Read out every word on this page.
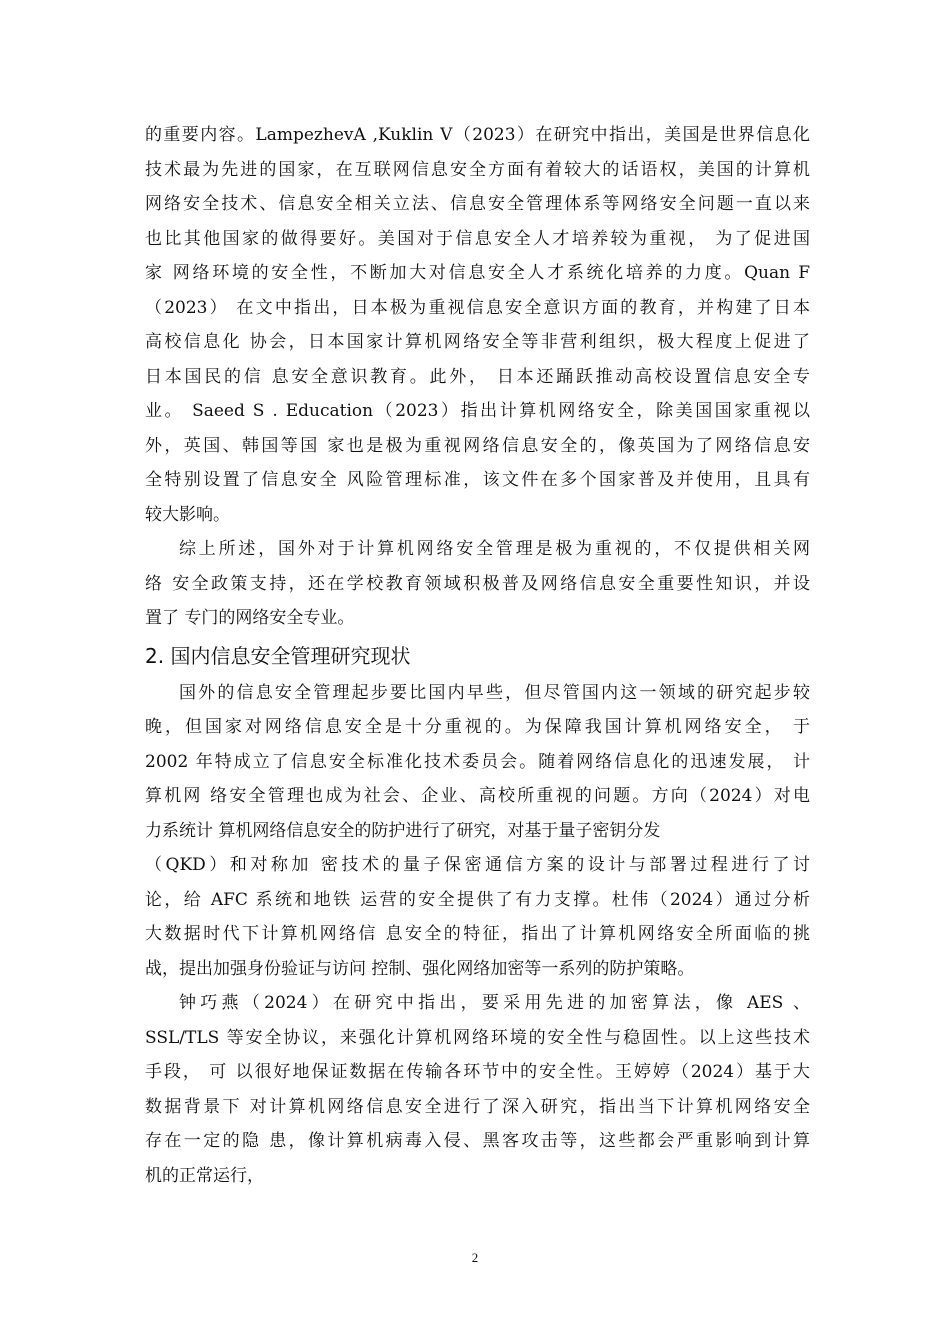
的重要内容。LampezhevA ,Kuklin V（2023）在研究中指出，美国是世界信息化
技术最为先进的国家，在互联网信息安全方面有着较大的话语权，美国的计算机
网络安全技术、信息安全相关立法、信息安全管理体系等网络安全问题一直以来
也比其他国家的做得要好。美国对于信息安全人才培养较为重视， 为了促进国
家 网络环境的安全性，不断加大对信息安全人才系统化培养的力度。Quan F
（2023） 在文中指出，日本极为重视信息安全意识方面的教育，并构建了日本
高校信息化 协会，日本国家计算机网络安全等非营利组织，极大程度上促进了
日本国民的信 息安全意识教育。此外， 日本还踊跃推动高校设置信息安全专
业。 Saeed S . Education（2023）指出计算机网络安全，除美国国家重视以
外，英国、韩国等国 家也是极为重视网络信息安全的，像英国为了网络信息安
全特别设置了信息安全 风险管理标准，该文件在多个国家普及并使用，且具有
较大影响。
综上所述，国外对于计算机网络安全管理是极为重视的，不仅提供相关网
络 安全政策支持，还在学校教育领域积极普及网络信息安全重要性知识，并设
置了 专门的网络安全专业。
2. 国内信息安全管理研究现状
国外的信息安全管理起步要比国内早些，但尽管国内这一领域的研究起步较
晚，但国家对网络信息安全是十分重视的。为保障我国计算机网络安全， 于
2002 年特成立了信息安全标准化技术委员会。随着网络信息化的迅速发展， 计
算机网 络安全管理也成为社会、企业、高校所重视的问题。方向（2024）对电
力系统计 算机网络信息安全的防护进行了研究，对基于量子密钥分发
（QKD）和对称加 密技术的量子保密通信方案的设计与部署过程进行了讨
论，给 AFC 系统和地铁 运营的安全提供了有力支撑。杜伟（2024）通过分析
大数据时代下计算机网络信 息安全的特征，指出了计算机网络安全所面临的挑
战，提出加强身份验证与访问 控制、强化网络加密等一系列的防护策略。
钟巧燕（2024）在研究中指出，要采用先进的加密算法，像 AES 、
SSL/TLS 等安全协议，来强化计算机网络环境的安全性与稳固性。以上这些技术
手段， 可 以很好地保证数据在传输各环节中的安全性。王婷婷（2024）基于大
数据背景下 对计算机网络信息安全进行了深入研究，指出当下计算机网络安全
存在一定的隐 患，像计算机病毒入侵、黑客攻击等，这些都会严重影响到计算
机的正常运行，
2
